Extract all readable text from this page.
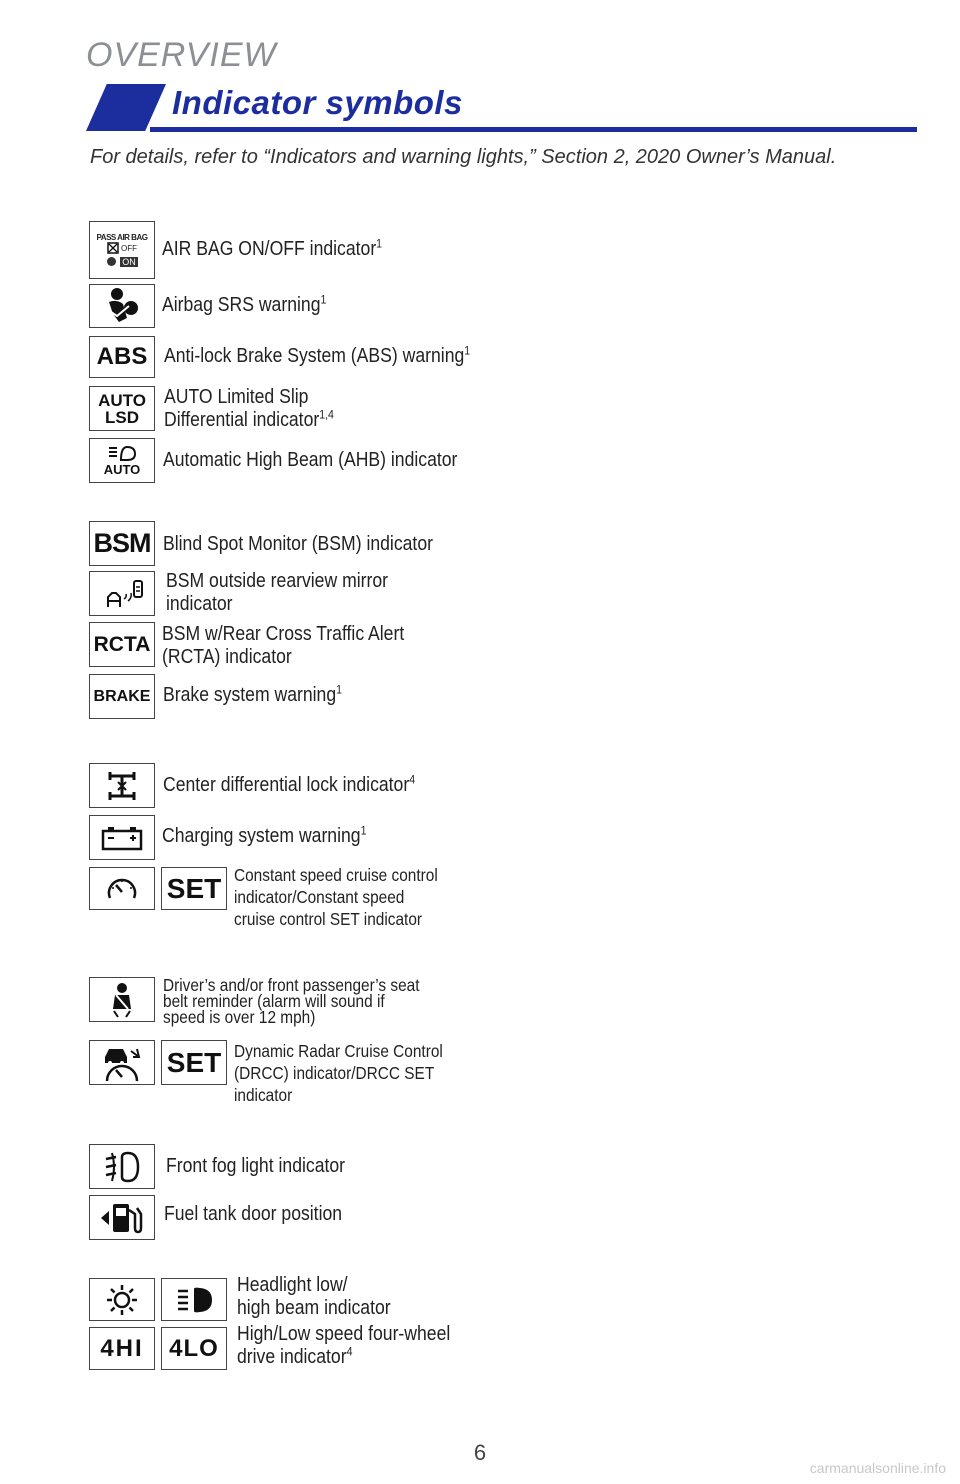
OVERVIEW
Indicator symbols
For details, refer to “Indicators and warning lights,” Section 2, 2020 Owner’s Manual.
PASS AIR BAG
OFF
ON
AIR BAG ON/OFF indicator$^1$
Airbag SRS warning$^1$
ABS Anti-lock Brake System (ABS) warning$^1$
AUTO
LSD
AUTO Limited Slip
Differential indicator$^{1,4}$
AUTO Automatic High Beam (AHB) indicator
BSM Blind Spot Monitor (BSM) indicator
BSM outside rearview mirror
indicator
RCTA BSM w/Rear Cross Traffic Alert
(RCTA) indicator
BRAKE Brake system warning$^1$
Center differential lock indicator$^4$
Charging system warning$^1$
SET Constant speed cruise control
indicator/Constant speed
cruise control SET indicator
Driver’s and/or front passenger’s seat
belt reminder (alarm will sound if
speed is over 12 mph)
SET Dynamic Radar Cruise Control
(DRCC) indicator/DRCC SET
indicator
Front fog light indicator
Fuel tank door position
Headlight low/
high beam indicator
4HI 4LO
High/Low speed four-wheel
drive indicator$^4$
6
carmanualsonline.info
